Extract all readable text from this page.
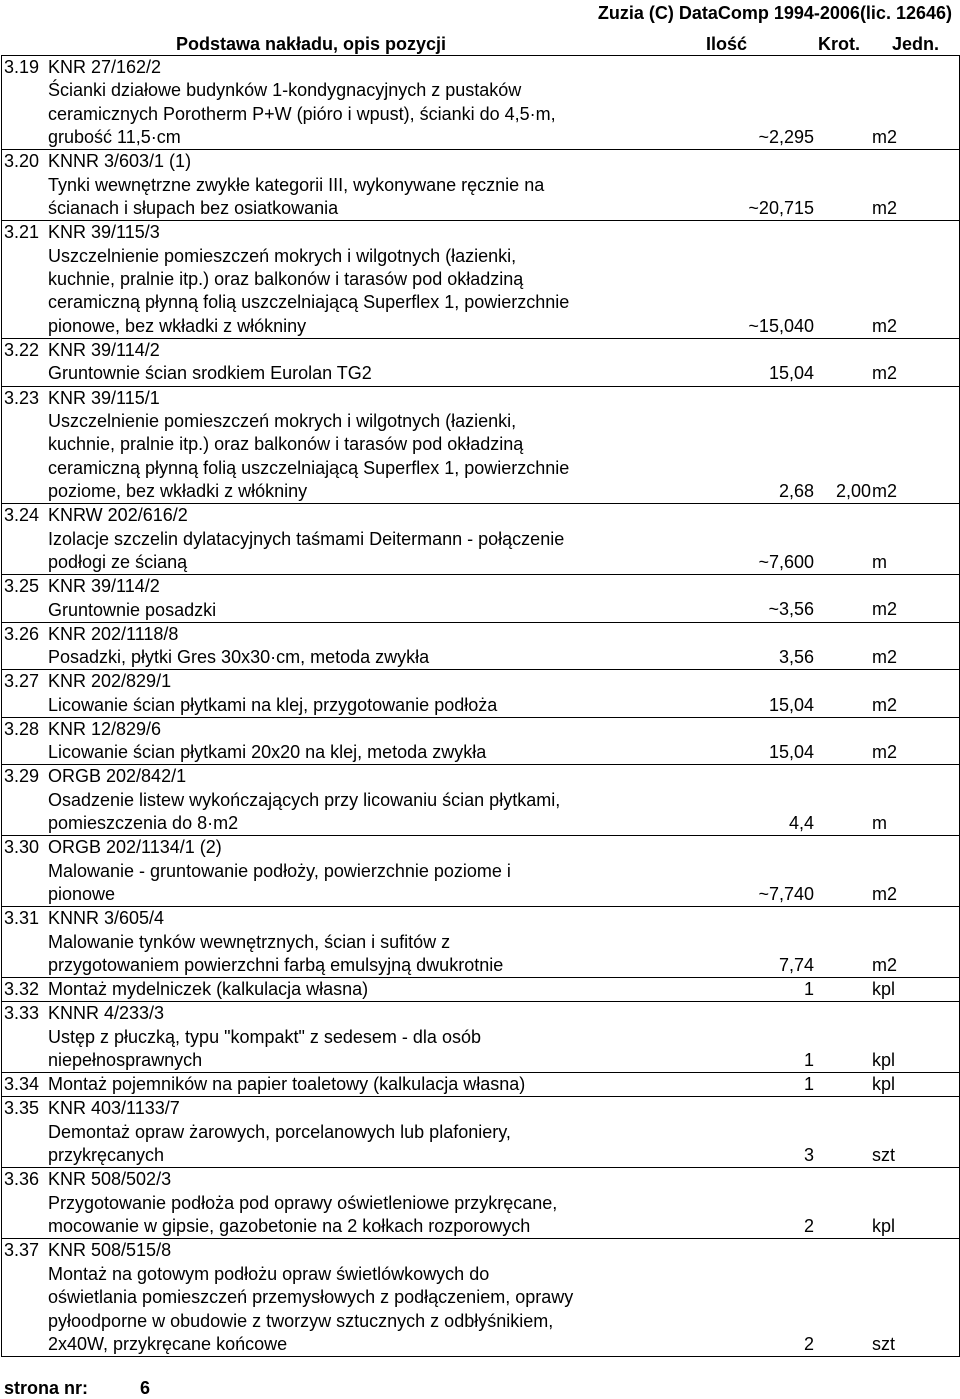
Zuzia (C) DataComp 1994-2006(lic. 12646)
Podstawa nakładu, opis pozycji	Ilość	Krot. Jedn.
3.19 KNR 27/162/2
Ścianki działowe budynków 1-kondygnacyjnych z pustaków
ceramicznych Porotherm P+W (pióro i wpust), ścianki do 4,5·m,
grubość 11,5·cm	~2,295	m2
3.20 KNNR 3/603/1 (1)
Tynki wewnętrzne zwykłe kategorii III, wykonywane ręcznie na
ścianach i słupach bez osiatkowania	~20,715	m2
3.21 KNR 39/115/3
Uszczelnienie pomieszczeń mokrych i wilgotnych (łazienki,
kuchnie, pralnie itp.) oraz balkonów i tarasów pod okładziną
ceramiczną płynną folią uszczelniającą Superflex 1, powierzchnie
pionowe, bez wkładki z włókniny	~15,040	m2
3.22 KNR 39/114/2
Gruntownie ścian srodkiem Eurolan TG2	15,04	m2
3.23 KNR 39/115/1
Uszczelnienie pomieszczeń mokrych i wilgotnych (łazienki,
kuchnie, pralnie itp.) oraz balkonów i tarasów pod okładziną
ceramiczną płynną folią uszczelniającą Superflex 1, powierzchnie
poziome, bez wkładki z włókniny	2,68 2,00 m2
3.24 KNRW 202/616/2
Izolacje szczelin dylatacyjnych taśmami Deitermann - połączenie
podłogi ze ścianą	~7,600	m
3.25 KNR 39/114/2
Gruntownie posadzki	~3,56	m2
3.26 KNR 202/1118/8
Posadzki, płytki Gres 30x30·cm, metoda zwykła	3,56	m2
3.27 KNR 202/829/1
Licowanie ścian płytkami na klej, przygotowanie podłoża	15,04	m2
3.28 KNR 12/829/6
Licowanie ścian płytkami 20x20 na klej, metoda zwykła	15,04	m2
3.29 ORGB 202/842/1
Osadzenie listew wykończających przy licowaniu ścian płytkami,
pomieszczenia do 8·m2	4,4	m
3.30 ORGB 202/1134/1 (2)
Malowanie - gruntowanie podłoży, powierzchnie poziome i
pionowe	~7,740	m2
3.31 KNNR 3/605/4
Malowanie tynków wewnętrznych, ścian i sufitów z
przygotowaniem powierzchni farbą emulsyjną dwukrotnie	7,74	m2
3.32 Montaż mydelniczek (kalkulacja własna)	1	kpl
3.33 KNNR 4/233/3
Ustęp z płuczką, typu "kompakt" z sedesem - dla osób
niepełnosprawnych	1	kpl
3.34 Montaż pojemników na papier toaletowy (kalkulacja własna)	1	kpl
3.35 KNR 403/1133/7
Demontaż opraw żarowych, porcelanowych lub plafoniery,
przykręcanych	3	szt
3.36 KNR 508/502/3
Przygotowanie podłoża pod oprawy oświetleniowe przykręcane,
mocowanie w gipsie, gazobetonie na 2 kołkach rozporowych	2	kpl
3.37 KNR 508/515/8
Montaż na gotowym podłożu opraw świetlówkowych do
oświetlania pomieszczeń przemysłowych z podłączeniem, oprawy
pyłoodporne w obudowie z tworzyw sztucznych z odbłyśnikiem,
2x40W, przykręcane końcowe	2	szt
strona nr:	6
